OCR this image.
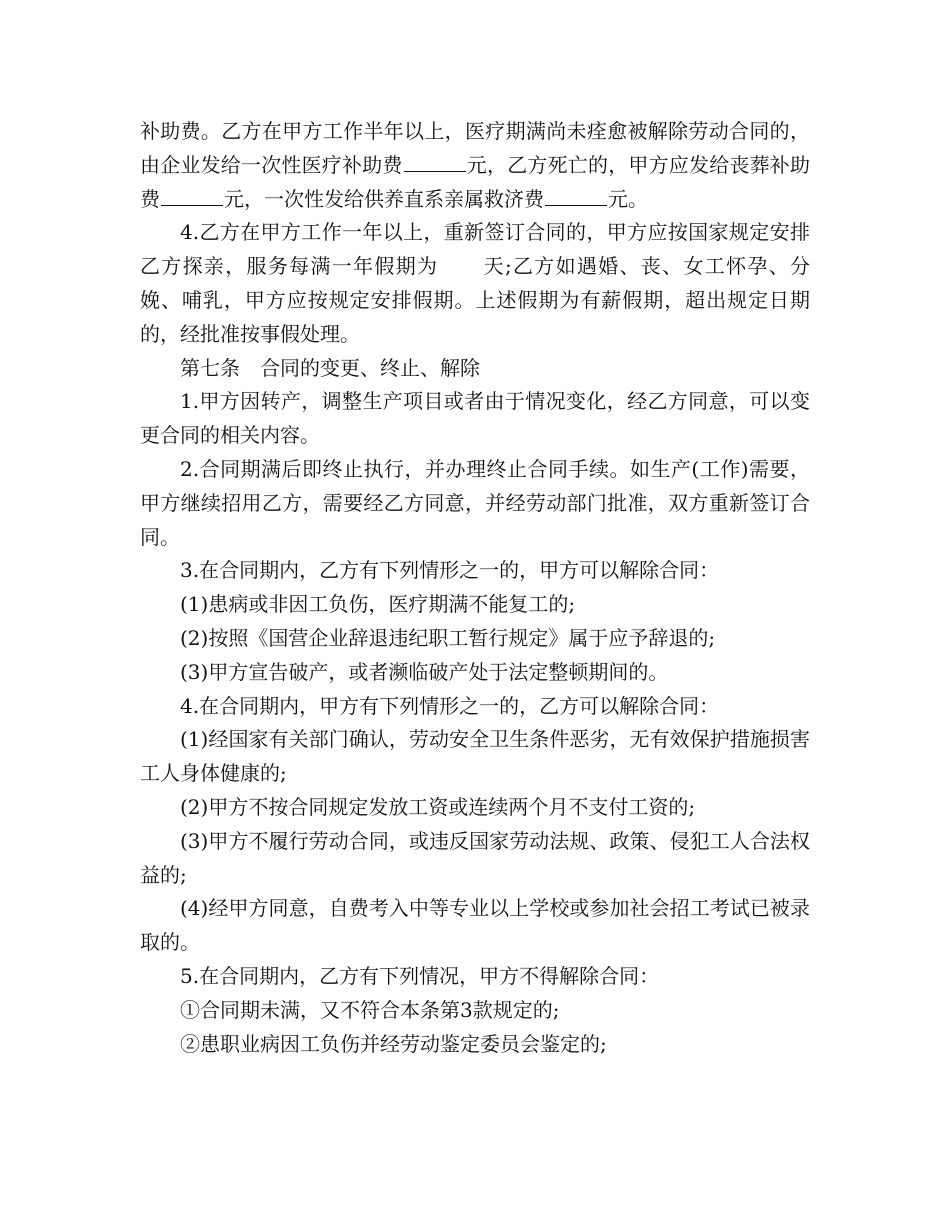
补助费。乙方在甲方工作半年以上，医疗期满尚未痊愈被解除劳动合同的，由企业发给一次性医疗补助费	元，乙方死亡的，甲方应发给丧葬补助费	元，一次性发给供养直系亲属救济费	元。

4.乙方在甲方工作一年以上，重新签订合同的，甲方应按国家规定安排乙方探亲，服务每满一年假期为 天;乙方如遇婚、丧、女工怀孕、分娩、哺乳，甲方应按规定安排假期。上述假期为有薪假期，超出规定日期的，经批准按事假处理。

第七条 合同的变更、终止、解除

1.甲方因转产，调整生产项目或者由于情况变化，经乙方同意，可以变更合同的相关内容。

2.合同期满后即终止执行，并办理终止合同手续。如生产(工作)需要，甲方继续招用乙方，需要经乙方同意，并经劳动部门批准，双方重新签订合同。

3.在合同期内，乙方有下列情形之一的，甲方可以解除合同：

(1)患病或非因工负伤，医疗期满不能复工的;

(2)按照《国营企业辞退违纪职工暂行规定》属于应予辞退的;

(3)甲方宣告破产，或者濒临破产处于法定整顿期间的。

4.在合同期内，甲方有下列情形之一的，乙方可以解除合同：

(1)经国家有关部门确认，劳动安全卫生条件恶劣，无有效保护措施损害工人身体健康的;

(2)甲方不按合同规定发放工资或连续两个月不支付工资的;

(3)甲方不履行劳动合同，或违反国家劳动法规、政策、侵犯工人合法权益的;

(4)经甲方同意，自费考入中等专业以上学校或参加社会招工考试已被录取的。

5.在合同期内，乙方有下列情况，甲方不得解除合同：

①合同期未满，又不符合本条第3款规定的;

②患职业病因工负伤并经劳动鉴定委员会鉴定的;
